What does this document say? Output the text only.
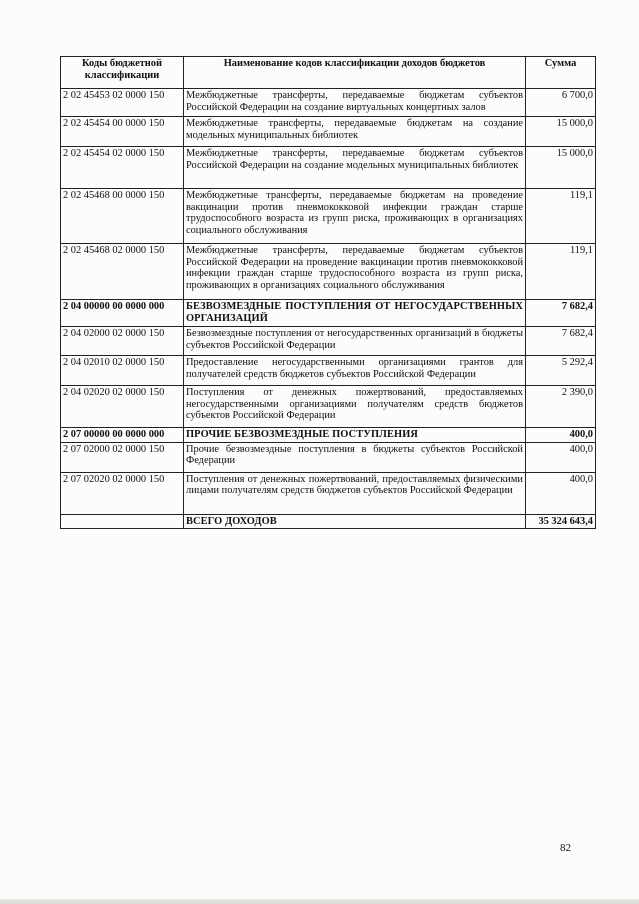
Коды бюджетной классификации	Наименование кодов классификации доходов бюджетов	Сумма
2 02 45453 02 0000 150	Межбюджетные трансферты, передаваемые бюджетам субъектов Российской Федерации на создание виртуальных концертных залов	6 700,0
2 02 45454 00 0000 150	Межбюджетные трансферты, передаваемые бюджетам на создание модельных муниципальных библиотек	15 000,0
2 02 45454 02 0000 150	Межбюджетные трансферты, передаваемые бюджетам субъектов Российской Федерации на создание модельных муниципальных библиотек	15 000,0
2 02 45468 00 0000 150	Межбюджетные трансферты, передаваемые бюджетам на проведение вакцинации против пневмококковой инфекции граждан старше трудоспособного возраста из групп риска, проживающих в организациях социального обслуживания	119,1
2 02 45468 02 0000 150	Межбюджетные трансферты, передаваемые бюджетам субъектов Российской Федерации на проведение вакцинации против пневмококковой инфекции граждан старше трудоспособного возраста из групп риска, проживающих в организациях социального обслуживания	119,1
2 04 00000 00 0000 000	БЕЗВОЗМЕЗДНЫЕ ПОСТУПЛЕНИЯ ОТ НЕГОСУДАРСТВЕННЫХ ОРГАНИЗАЦИЙ	7 682,4
2 04 02000 02 0000 150	Безвозмездные поступления от негосударственных организаций в бюджеты субъектов Российской Федерации	7 682,4
2 04 02010 02 0000 150	Предоставление негосударственными организациями грантов для получателей средств бюджетов субъектов Российской Федерации	5 292,4
2 04 02020 02 0000 150	Поступления от денежных пожертвований, предоставляемых негосударственными организациями получателям средств бюджетов субъектов Российской Федерации	2 390,0
2 07 00000 00 0000 000	ПРОЧИЕ БЕЗВОЗМЕЗДНЫЕ ПОСТУПЛЕНИЯ	400,0
2 07 02000 02 0000 150	Прочие безвозмездные поступления в бюджеты субъектов Российской Федерации	400,0
2 07 02020 02 0000 150	Поступления от денежных пожертвований, предоставляемых физическими лицами получателям средств бюджетов субъектов Российской Федерации	400,0
	ВСЕГО ДОХОДОВ	35 324 643,4
82
